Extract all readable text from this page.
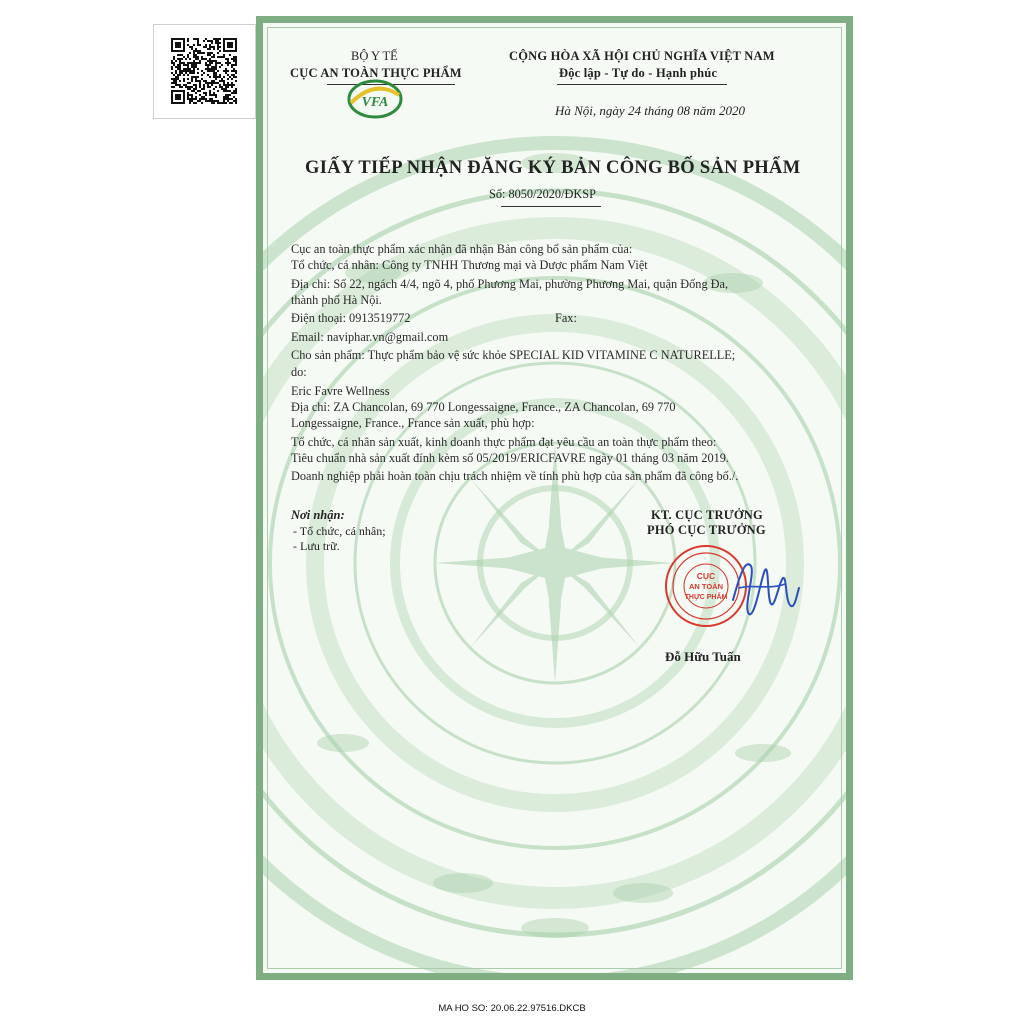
BỘ Y TẾ
CỤC AN TOÀN THỰC PHẨM
VFA
CỘNG HÒA XÃ HỘI CHỦ NGHĨA VIỆT NAM
Độc lập - Tự do - Hạnh phúc
Hà Nội, ngày 24 tháng 08 năm 2020
GIẤY TIẾP NHẬN ĐĂNG KÝ BẢN CÔNG BỐ SẢN PHẨM
Số: 8050/2020/ĐKSP
Cục an toàn thực phẩm xác nhận đã nhận Bản công bố sản phẩm của:
Tổ chức, cá nhân: Công ty TNHH Thương mại và Dược phẩm Nam Việt
Địa chỉ: Số 22, ngách 4/4, ngõ 4, phố Phương Mai, phường Phương Mai, quận Đống Đa,
thành phố Hà Nội.
Điện thoại: 0913519772	Fax:
Email: naviphar.vn@gmail.com
Cho sản phẩm: Thực phẩm bảo vệ sức khỏe SPECIAL KID VITAMINE C NATURELLE;
do:
Eric Favre Wellness
Địa chỉ: ZA Chancolan, 69 770 Longessaigne, France., ZA Chancolan, 69 770
Longessaigne, France., France sản xuất, phù hợp:
Tổ chức, cá nhân sản xuất, kinh doanh thực phẩm đạt yêu cầu an toàn thực phẩm theo:
Tiêu chuẩn nhà sản xuất đính kèm số 05/2019/ERICFAVRE ngày 01 tháng 03 năm 2019.
Doanh nghiệp phải hoàn toàn chịu trách nhiệm về tính phù hợp của sản phẩm đã công bố./.
Nơi nhận:
- Tổ chức, cá nhân;
- Lưu trữ.
KT. CỤC TRƯỞNG
PHÓ CỤC TRƯỞNG
CỤC
AN TOÀN
THỰC PHẨM
Đỗ Hữu Tuấn
MA HO SO: 20.06.22.97516.DKCB
